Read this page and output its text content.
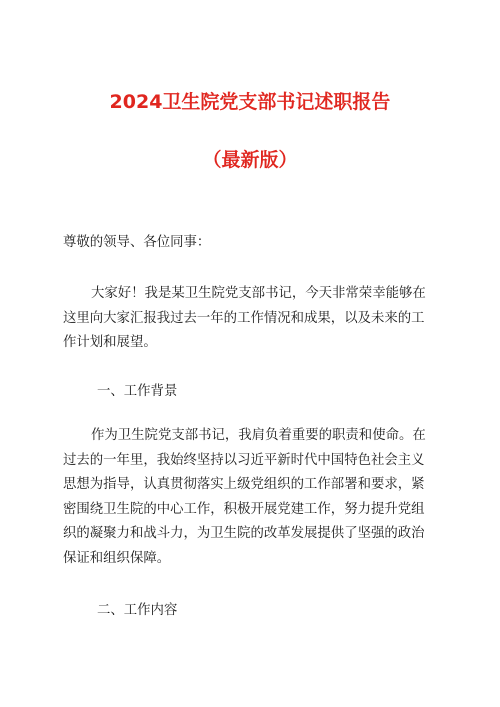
2024卫生院党支部书记述职报告
（最新版）

尊敬的领导、各位同事：

大家好！我是某卫生院党支部书记，今天非常荣幸能够在这里向大家汇报我过去一年的工作情况和成果，以及未来的工作计划和展望。

一、工作背景

作为卫生院党支部书记，我肩负着重要的职责和使命。在过去的一年里，我始终坚持以习近平新时代中国特色社会主义思想为指导，认真贯彻落实上级党组织的工作部署和要求，紧密围绕卫生院的中心工作，积极开展党建工作，努力提升党组织的凝聚力和战斗力，为卫生院的改革发展提供了坚强的政治保证和组织保障。

二、工作内容
